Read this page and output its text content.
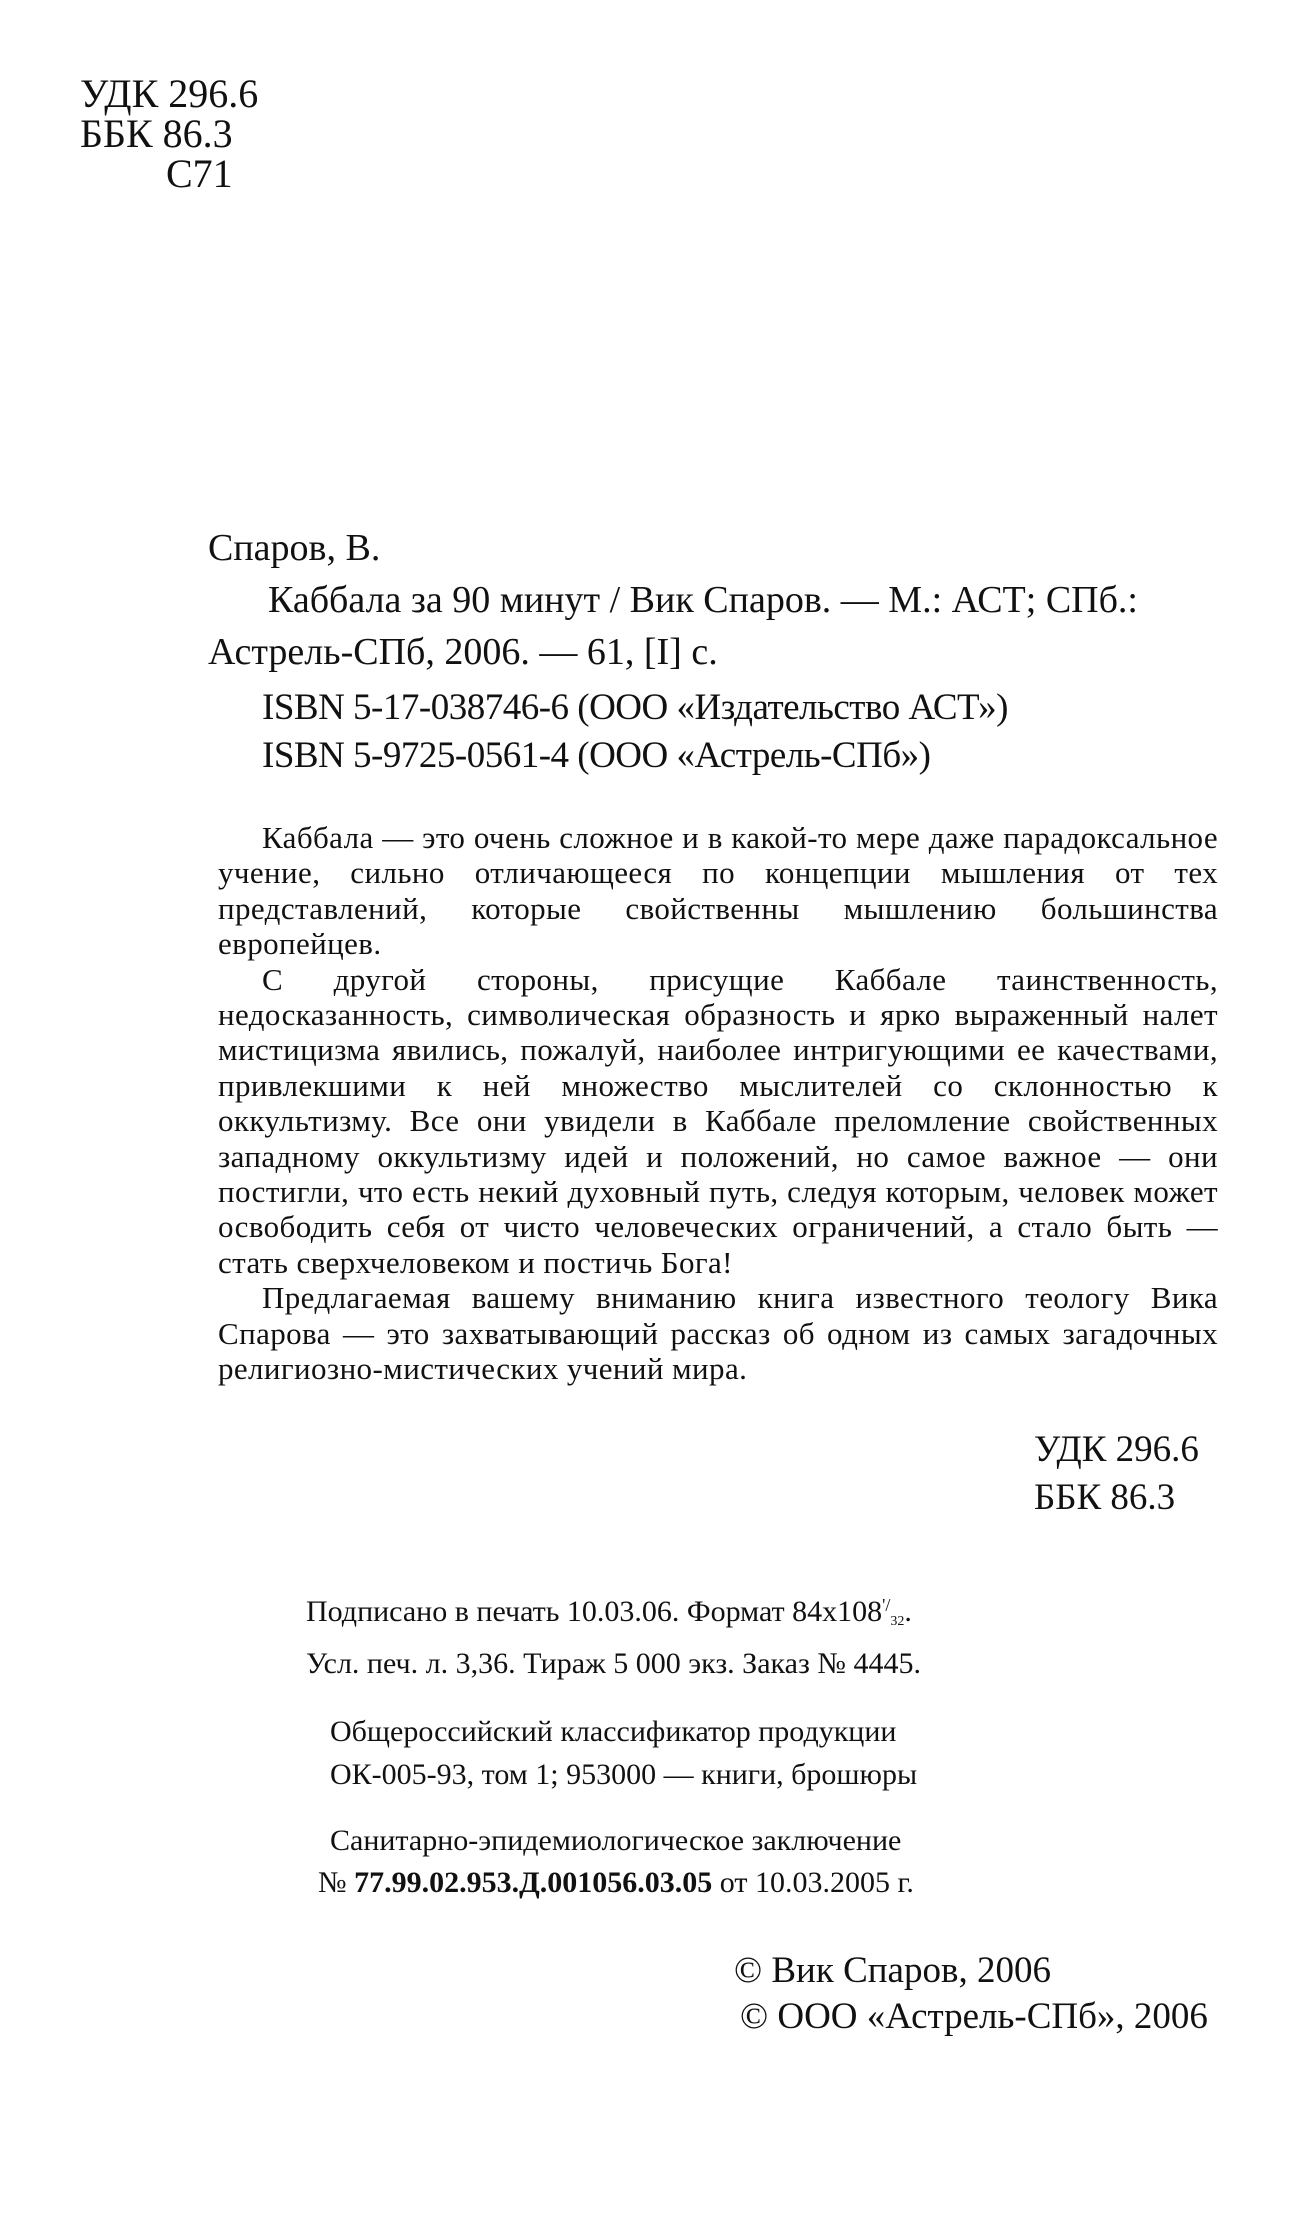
УДК 296.6
ББК 86.3
С71
Спаров, В.
Каббала за 90 минут / Вик Спаров. — М.: АСТ; СПб.:
Астрель-СПб, 2006. — 61, [I] с.
ISBN 5-17-038746-6 (ООО «Издательство АСТ»)
ISBN 5-9725-0561-4 (ООО «Астрель-СПб»)
Каббала — это очень сложное и в какой-то мере даже парадоксальное учение, сильно отличающееся по концепции мышления от тех представлений, которые свойственны мышлению большинства европейцев.
С другой стороны, присущие Каббале таинственность, недосказанность, символическая образность и ярко выраженный налет мистицизма явились, пожалуй, наиболее интригующими ее качествами, привлекшими к ней множество мыслителей со склонностью к оккультизму. Все они увидели в Каббале преломление свойственных западному оккультизму идей и положений, но самое важное — они постигли, что есть некий духовный путь, следуя которым, человек может освободить себя от чисто человеческих ограничений, а стало быть — стать сверхчеловеком и постичь Бога!
Предлагаемая вашему вниманию книга известного теологу Вика Спарова — это захватывающий рассказ об одном из самых загадочных религиозно-мистических учений мира.
УДК 296.6
ББК 86.3
Подписано в печать 10.03.06. Формат $84x108^{'/}_{32}$.
Усл. печ. л. 3,36. Тираж 5 000 экз. Заказ № 4445.
Общероссийский классификатор продукции
ОК-005-93, том 1; 953000 — книги, брошюры
Санитарно-эпидемиологическое заключение
№ 77.99.02.953.Д.001056.03.05 от 10.03.2005 г.
© Вик Спаров, 2006
© ООО «Астрель-СПб», 2006
